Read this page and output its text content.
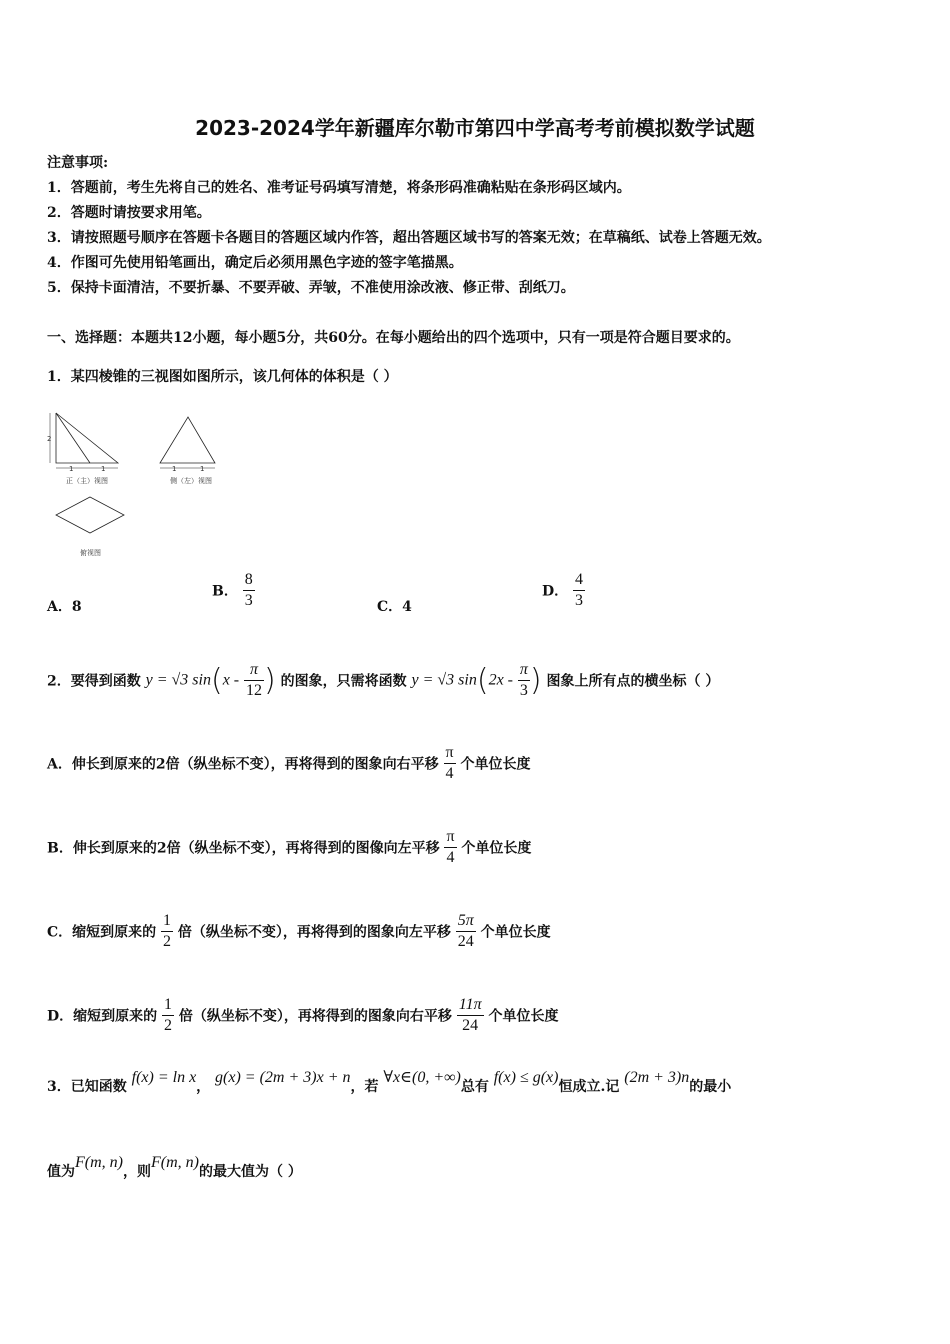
2023-2024学年新疆库尔勒市第四中学高考考前模拟数学试题
注意事项:
1．答题前，考生先将自己的姓名、准考证号码填写清楚，将条形码准确粘贴在条形码区域内。
2．答题时请按要求用笔。
3．请按照题号顺序在答题卡各题目的答题区域内作答，超出答题区域书写的答案无效；在草稿纸、试卷上答题无效。
4．作图可先使用铅笔画出，确定后必须用黑色字迹的签字笔描黑。
5．保持卡面清洁，不要折暴、不要弄破、弄皱，不准使用涂改液、修正带、刮纸刀。
一、选择题：本题共12小题，每小题5分，共60分。在每小题给出的四个选项中，只有一项是符合题目要求的。
1．某四棱锥的三视图如图所示，该几何体的体积是（ ）
2
1	1
正（主）视图
1	1
侧（左）视图
俯视图
A．8
B． $\frac{8}{3}$	C．4
D． $\frac{4}{3}$
2．要得到函数 y = √3 $\sin(x - \frac{\pi}{12}$ ) 的图象，只需将函数 y = √3 $\sin(2x - \frac{\pi}{3}$ ) 图象上所有点的横坐标（ ）
A．伸长到原来的2倍（纵坐标不变），再将得到的图象向右平移 $\frac{\pi}{4}$ 个单位长度
B．伸长到原来的2倍（纵坐标不变），再将得到的图像向左平移 $\frac{\pi}{4}$ 个单位长度
C．缩短到原来的 $\frac{1}{2}$ 倍（纵坐标不变），再将得到的图象向左平移 $\frac{5\pi}{24}$ 个单位长度
D．缩短到原来的 $\frac{1}{2}$ 倍（纵坐标不变），再将得到的图象向右平移 $\frac{11\pi}{24}$ 个单位长度
3．已知函数 f(x) = ln x， g(x) = (2m + 3)x + n，若 ∀x∈(0, +∞)总有 f(x) ≤ g(x)恒成立.记 (2m + 3)n的最小
值为F(m, n)，则F(m, n)的最大值为（ ）
